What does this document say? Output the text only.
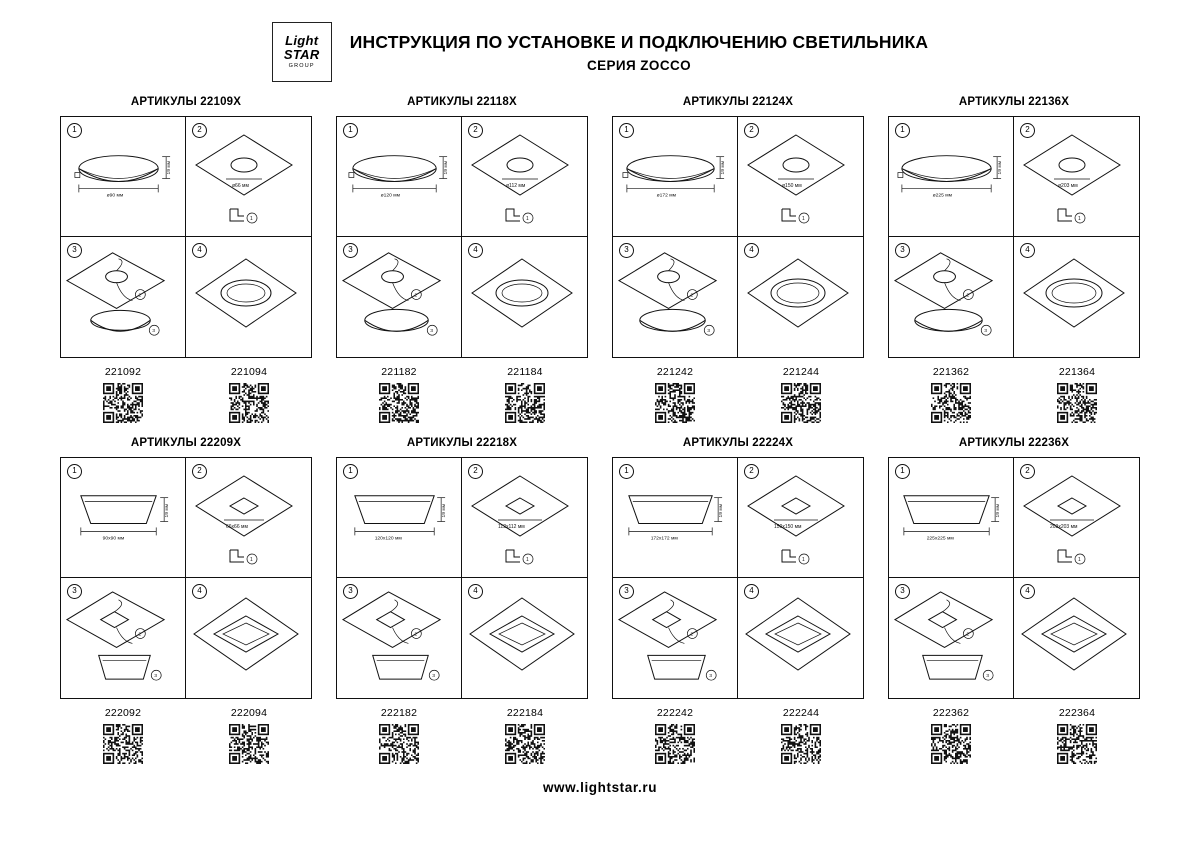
Light
STAR
GROUP
ИНСТРУКЦИЯ ПО УСТАНОВКЕ И ПОДКЛЮЧЕНИЮ СВЕТИЛЬНИКА
СЕРИЯ ZOCCO
АРТИКУЛЫ 22109X
1
ø90 мм
19 мм
2
ø66 мм
1
3
2
3
4
221092	221094
АРТИКУЛЫ 22118X
1
ø120 мм
19 мм
2
ø112 мм
1
3
2
3
4
221182	221184
АРТИКУЛЫ 22124X
1
ø172 мм
19 мм
2
ø150 мм
1
3
2
3
4
221242	221244
АРТИКУЛЫ 22136X
1
ø225 мм
19 мм
2
ø203 мм
1
3
2
3
4
221362	221364
АРТИКУЛЫ 22209X
1
90x90 мм
19 мм
2
66x66 мм
1
3
2
3
4
222092	222094
АРТИКУЛЫ 22218X
1
120x120 мм
19 мм
2
112x112 мм
1
3
2
3
4
222182	222184
АРТИКУЛЫ 22224X
1
172x172 мм
19 мм
2
150x150 мм
1
3
2
3
4
222242	222244
АРТИКУЛЫ 22236X
1
225x225 мм
19 мм
2
203x203 мм
1
3
2
3
4
222362	222364
www.lightstar.ru
